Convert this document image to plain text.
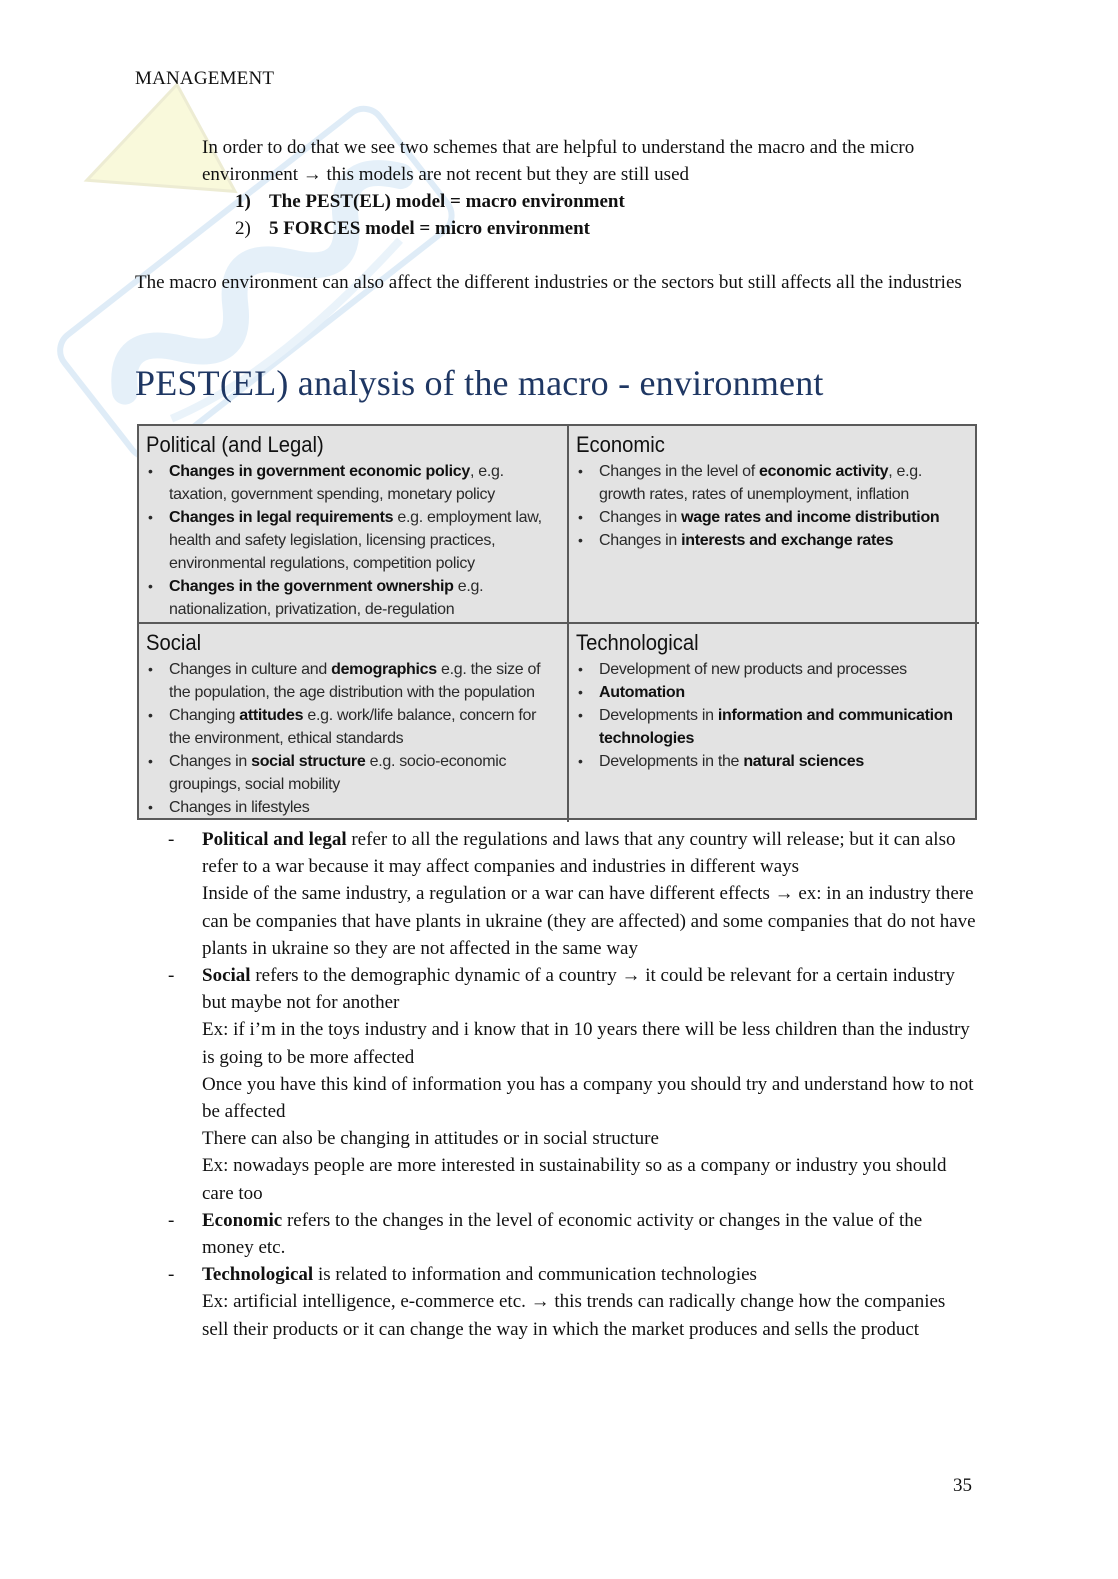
MANAGEMENT

In order to do that we see two schemes that are helpful to understand the macro and the micro environment → this models are not recent but they are still used

1) The PEST(EL) model = macro environment
2) 5 FORCES model = micro environment

The macro environment can also affect the different industries or the sectors but still affects all the industries

PEST(EL) analysis of the macro - environment
Political (and Legal)
• Changes in government economic policy, e.g. taxation, government spending, monetary policy
• Changes in legal requirements e.g. employment law, health and safety legislation, licensing practices, environmental regulations, competition policy
• Changes in the government ownership e.g. nationalization, privatization, de-regulation
Economic
• Changes in the level of economic activity, e.g. growth rates, rates of unemployment, inflation
• Changes in wage rates and income distribution
• Changes in interests and exchange rates
Social
• Changes in culture and demographics e.g. the size of the population, the age distribution with the population
• Changing attitudes e.g. work/life balance, concern for the environment, ethical standards
• Changes in social structure e.g. socio-economic groupings, social mobility
• Changes in lifestyles
Technological
• Development of new products and processes
• Automation
• Developments in information and communication technologies
• Developments in the natural sciences
- Political and legal refer to all the regulations and laws that any country will release; but it can also refer to a war because it may affect companies and industries in different ways

Inside of the same industry, a regulation or a war can have different effects → ex: in an industry there can be companies that have plants in ukraine (they are affected) and some companies that do not have plants in ukraine so they are not affected in the same way

- Social refers to the demographic dynamic of a country → it could be relevant for a certain industry but maybe not for another

Ex: if i’m in the toys industry and i know that in 10 years there will be less children than the industry is going to be more affected

Once you have this kind of information you has a company you should try and understand how to not be affected

There can also be changing in attitudes or in social structure

Ex: nowadays people are more interested in sustainability so as a company or industry you should care too

- Economic refers to the changes in the level of economic activity or changes in the value of the money etc.

- Technological is related to information and communication technologies

Ex: artificial intelligence, e-commerce etc. → this trends can radically change how the companies sell their products or it can change the way in which the market produces and sells the product

35
